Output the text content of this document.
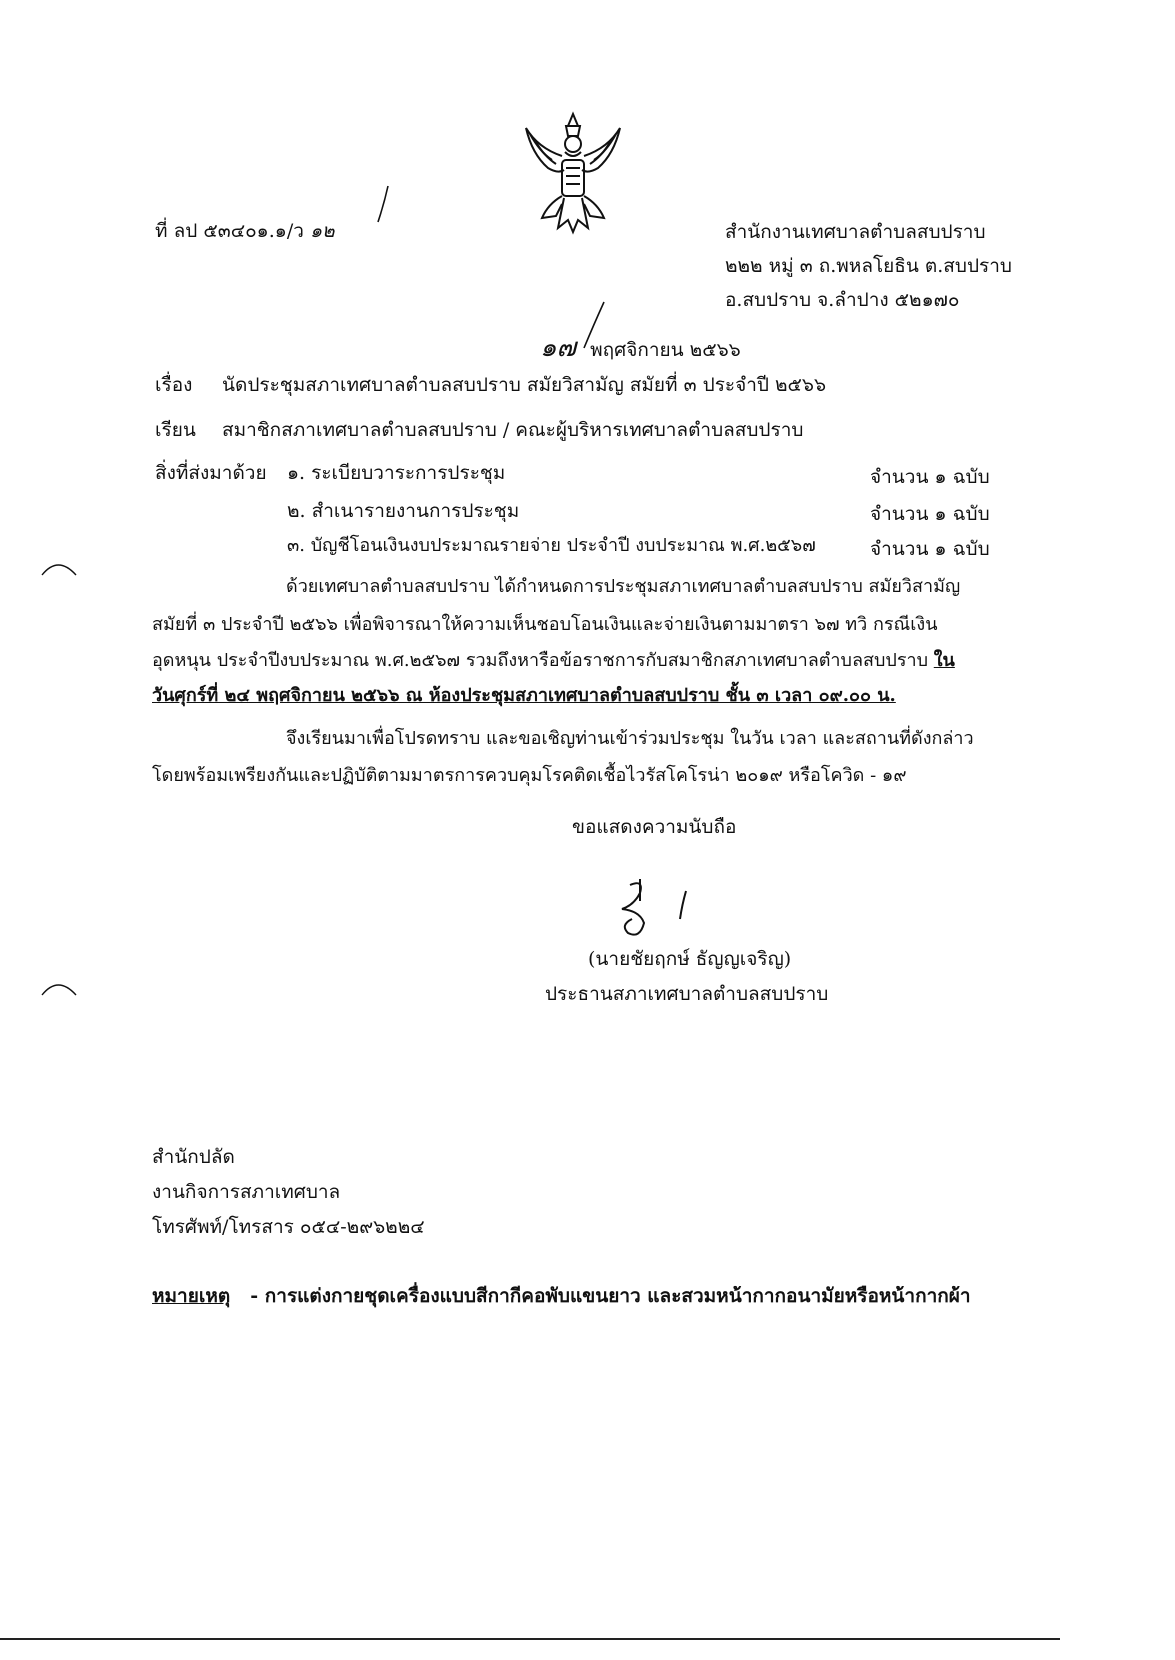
ที่ ลป ๕๓๔๐๑.๑/ว ๑๒	สำนักงานเทศบาลตำบลสบปราบ
๒๒๒ หมู่ ๓ ถ.พหลโยธิน ต.สบปราบ
อ.สบปราบ จ.ลำปาง ๕๒๑๗๐
๑๗ พฤศจิกายน ๒๕๖๖
เรื่อง นัดประชุมสภาเทศบาลตำบลสบปราบ สมัยวิสามัญ สมัยที่ ๓ ประจำปี ๒๕๖๖
เรียน สมาชิกสภาเทศบาลตำบลสบปราบ / คณะผู้บริหารเทศบาลตำบลสบปราบ
สิ่งที่ส่งมาด้วย ๑. ระเบียบวาระการประชุม	จำนวน ๑ ฉบับ
๒. สำเนารายงานการประชุม	จำนวน ๑ ฉบับ
๓. บัญชีโอนเงินงบประมาณรายจ่าย ประจำปี งบประมาณ พ.ศ.๒๕๖๗	จำนวน ๑ ฉบับ
ด้วยเทศบาลตำบลสบปราบ ได้กำหนดการประชุมสภาเทศบาลตำบลสบปราบ สมัยวิสามัญ
สมัยที่ ๓ ประจำปี ๒๕๖๖ เพื่อพิจารณาให้ความเห็นชอบโอนเงินและจ่ายเงินตามมาตรา ๖๗ ทวิ กรณีเงิน
อุดหนุน ประจำปีงบประมาณ พ.ศ.๒๕๖๗ รวมถึงหารือข้อราชการกับสมาชิกสภาเทศบาลตำบลสบปราบ ใน
วันศุกร์ที่ ๒๔ พฤศจิกายน ๒๕๖๖ ณ ห้องประชุมสภาเทศบาลตำบลสบปราบ ชั้น ๓ เวลา ๐๙.๐๐ น.
จึงเรียนมาเพื่อโปรดทราบ และขอเชิญท่านเข้าร่วมประชุม ในวัน เวลา และสถานที่ดังกล่าว
โดยพร้อมเพรียงกันและปฏิบัติตามมาตรการควบคุมโรคติดเชื้อไวรัสโคโรน่า ๒๐๑๙ หรือโควิด - ๑๙
ขอแสดงความนับถือ
(นายชัยฤกษ์ ธัญญเจริญ)
ประธานสภาเทศบาลตำบลสบปราบ
สำนักปลัด
งานกิจการสภาเทศบาล
โทรศัพท์/โทรสาร ๐๕๔-๒๙๖๒๒๔
หมายเหตุ - การแต่งกายชุดเครื่องแบบสีกากีคอพับแขนยาว และสวมหน้ากากอนามัยหรือหน้ากากผ้า
